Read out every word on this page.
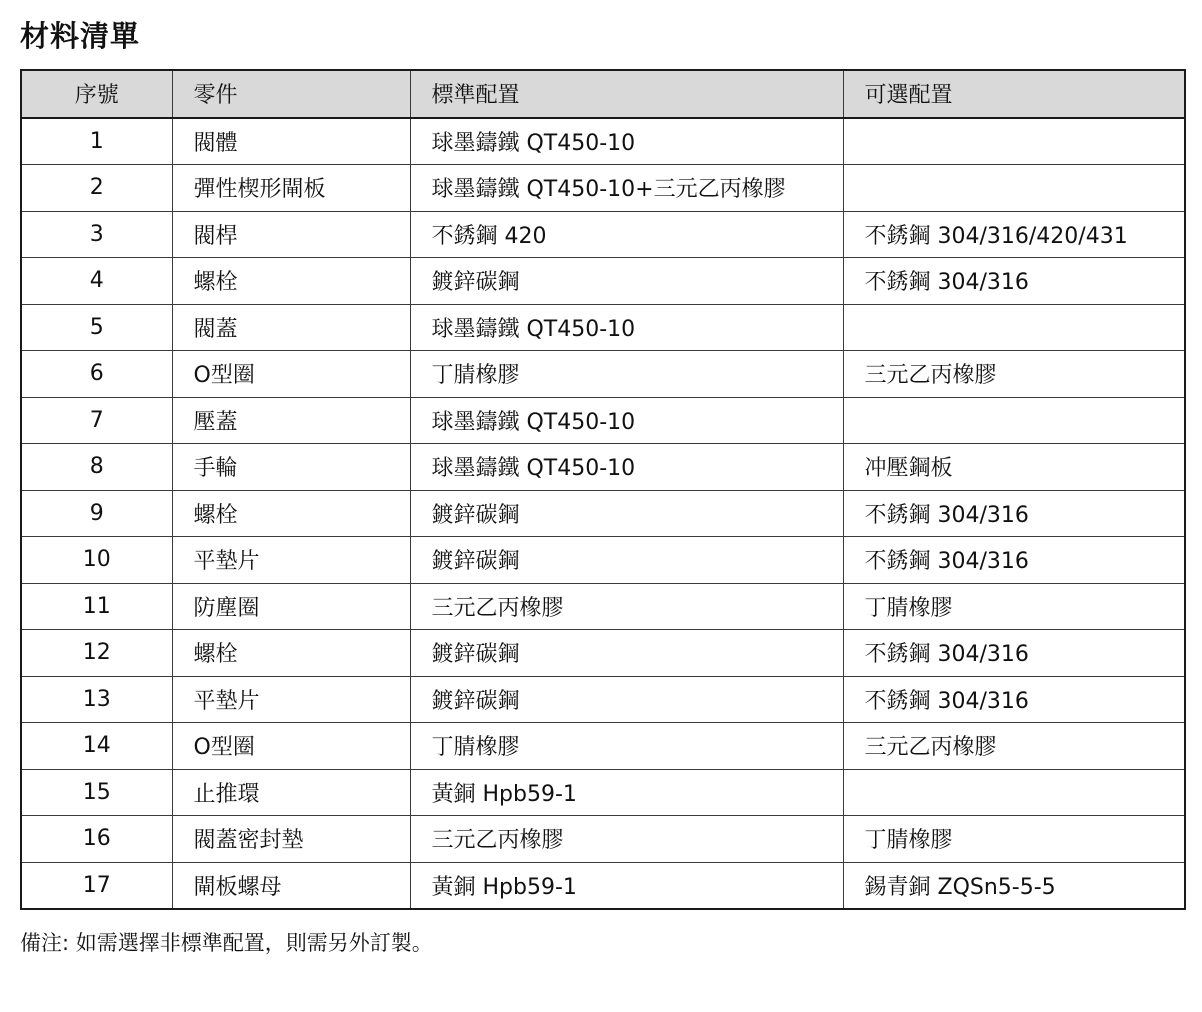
材料清單
序號	零件	標準配置	可選配置
1	閥體	球墨鑄鐵 QT450-10	
2	彈性楔形閘板	球墨鑄鐵 QT450-10+三元乙丙橡膠	
3	閥桿	不銹鋼 420	不銹鋼 304/316/420/431
4	螺栓	鍍鋅碳鋼	不銹鋼 304/316
5	閥蓋	球墨鑄鐵 QT450-10	
6	O型圈	丁腈橡膠	三元乙丙橡膠
7	壓蓋	球墨鑄鐵 QT450-10	
8	手輪	球墨鑄鐵 QT450-10	冲壓鋼板
9	螺栓	鍍鋅碳鋼	不銹鋼 304/316
10	平墊片	鍍鋅碳鋼	不銹鋼 304/316
11	防塵圈	三元乙丙橡膠	丁腈橡膠
12	螺栓	鍍鋅碳鋼	不銹鋼 304/316
13	平墊片	鍍鋅碳鋼	不銹鋼 304/316
14	O型圈	丁腈橡膠	三元乙丙橡膠
15	止推環	黃銅 Hpb59-1	
16	閥蓋密封墊	三元乙丙橡膠	丁腈橡膠
17	閘板螺母	黃銅 Hpb59-1	錫青銅 ZQSn5-5-5
備注: 如需選擇非標準配置，則需另外訂製。
